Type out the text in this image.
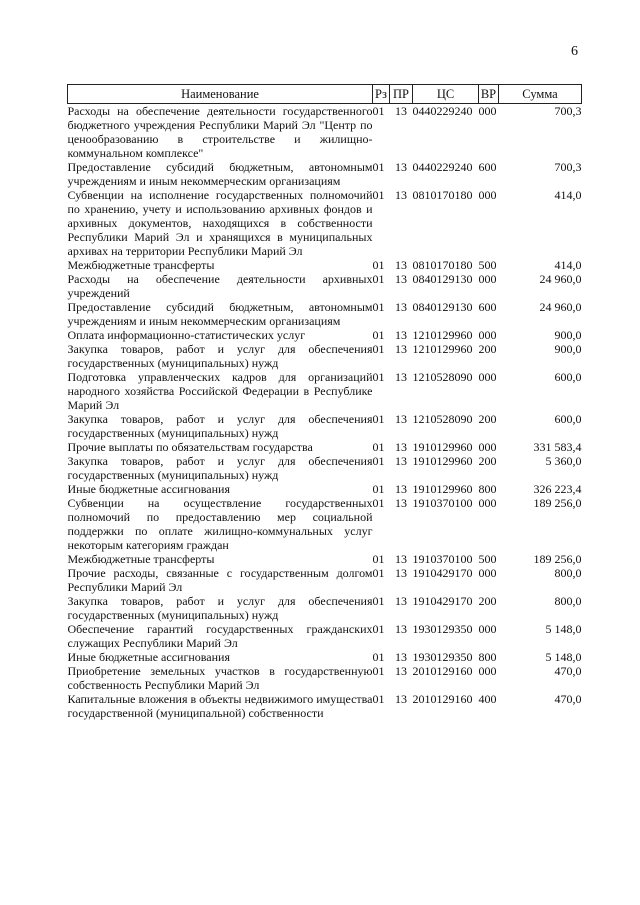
6
Наименование	Рз	ПР	ЦС	ВР	Сумма
Расходы на обеспечение деятельности государственного бюджетного учреждения Республики Марий Эл "Центр по ценообразованию в строительстве и жилищно-коммунальном комплексе"	01	13	0440229240	000	700,3
Предоставление субсидий бюджетным, автономным учреждениям и иным некоммерческим организациям	01	13	0440229240	600	700,3
Субвенции на исполнение государственных полномочий по хранению, учету и использованию архивных фондов и архивных документов, находящихся в собственности Республики Марий Эл и хранящихся в муниципальных архивах на территории Республики Марий Эл	01	13	0810170180	000	414,0
Межбюджетные трансферты	01	13	0810170180	500	414,0
Расходы на обеспечение деятельности архивных учреждений	01	13	0840129130	000	24 960,0
Предоставление субсидий бюджетным, автономным учреждениям и иным некоммерческим организациям	01	13	0840129130	600	24 960,0
Оплата информационно-статистических услуг	01	13	1210129960	000	900,0
Закупка товаров, работ и услуг для обеспечения государственных (муниципальных) нужд	01	13	1210129960	200	900,0
Подготовка управленческих кадров для организаций народного хозяйства Российской Федерации в Республике Марий Эл	01	13	1210528090	000	600,0
Закупка товаров, работ и услуг для обеспечения государственных (муниципальных) нужд	01	13	1210528090	200	600,0
Прочие выплаты по обязательствам государства	01	13	1910129960	000	331 583,4
Закупка товаров, работ и услуг для обеспечения государственных (муниципальных) нужд	01	13	1910129960	200	5 360,0
Иные бюджетные ассигнования	01	13	1910129960	800	326 223,4
Субвенции на осуществление государственных полномочий по предоставлению мер социальной поддержки по оплате жилищно-коммунальных услуг некоторым категориям граждан	01	13	1910370100	000	189 256,0
Межбюджетные трансферты	01	13	1910370100	500	189 256,0
Прочие расходы, связанные с государственным долгом Республики Марий Эл	01	13	1910429170	000	800,0
Закупка товаров, работ и услуг для обеспечения государственных (муниципальных) нужд	01	13	1910429170	200	800,0
Обеспечение гарантий государственных гражданских служащих Республики Марий Эл	01	13	1930129350	000	5 148,0
Иные бюджетные ассигнования	01	13	1930129350	800	5 148,0
Приобретение земельных участков в государственную собственность Республики Марий Эл	01	13	2010129160	000	470,0
Капитальные вложения в объекты недвижимого имущества государственной (муниципальной) собственности	01	13	2010129160	400	470,0
